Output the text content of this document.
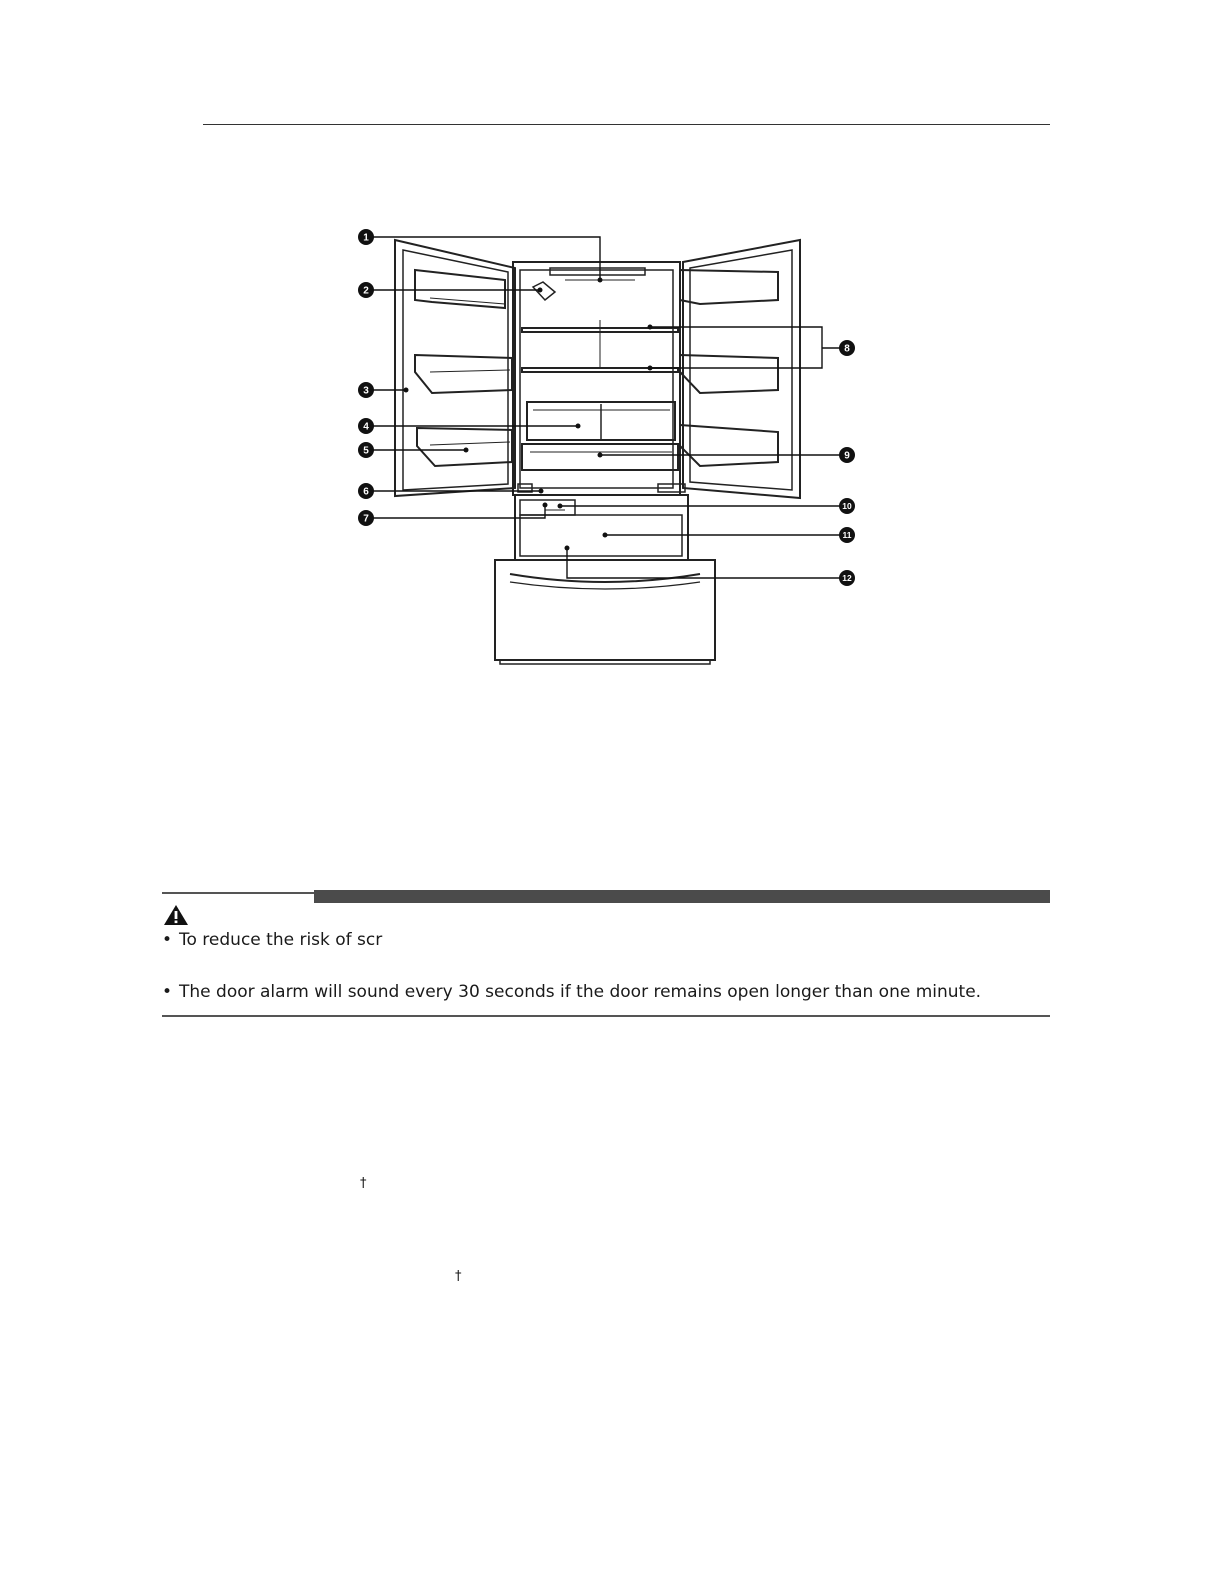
1
2
3
4
5
6
7
8
9
10
11
12
• To reduce the risk of scr
• The door alarm will sound every 30 seconds if the door remains open longer than one minute.
†
†
